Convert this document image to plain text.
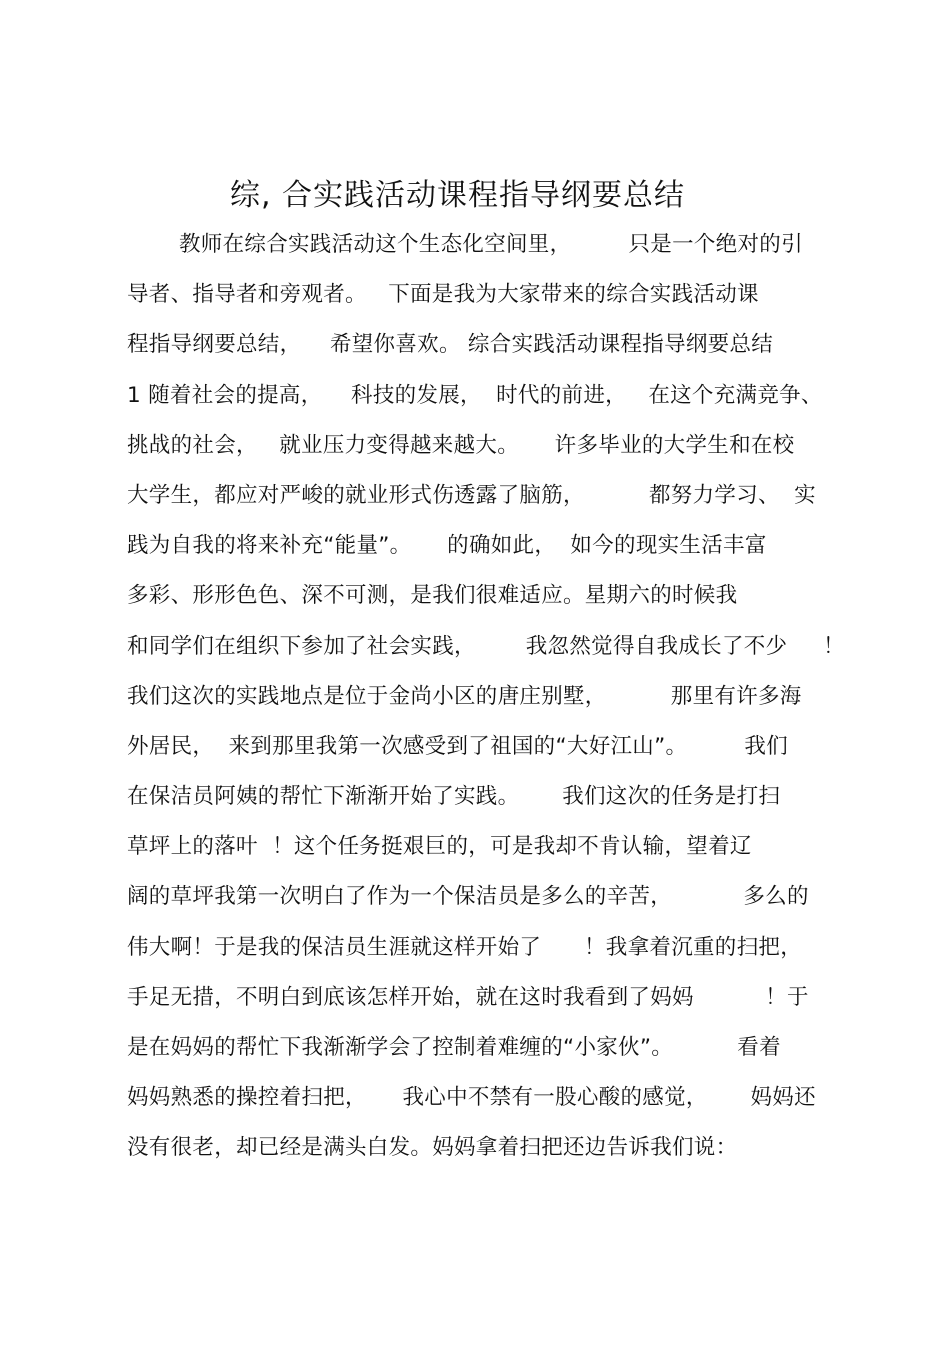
综, 合实践活动课程指导纲要总结
教师在综合实践活动这个生态化空间里，        只是一个绝对的引
导者、指导者和旁观者。   下面是我为大家带来的综合实践活动课
程指导纲要总结，    希望你喜欢。 综合实践活动课程指导纲要总结
1 随着社会的提高，    科技的发展，  时代的前进，   在这个充满竞争、
挑战的社会，   就业压力变得越来越大。     许多毕业的大学生和在校
大学生，都应对严峻的就业形式伤透露了脑筋，         都努力学习、  实
践为自我的将来补充“能量”。     的确如此，  如今的现实生活丰富
多彩、形形色色、深不可测，是我们很难适应。星期六的时候我
和同学们在组织下参加了社会实践，       我忽然觉得自我成长了不少     ！
我们这次的实践地点是位于金尚小区的唐庄别墅，         那里有许多海
外居民，  来到那里我第一次感受到了祖国的“大好江山”。        我们
在保洁员阿姨的帮忙下渐渐开始了实践。      我们这次的任务是打扫
草坪上的落叶  ！这个任务挺艰巨的，可是我却不肯认输，望着辽
阔的草坪我第一次明白了作为一个保洁员是多么的辛苦，          多么的
伟大啊！于是我的保洁员生涯就这样开始了      ！我拿着沉重的扫把，
手足无措，不明白到底该怎样开始，就在这时我看到了妈妈          ！于
是在妈妈的帮忙下我渐渐学会了控制着难缠的“小家伙”。         看着
妈妈熟悉的操控着扫把，     我心中不禁有一股心酸的感觉，      妈妈还
没有很老，却已经是满头白发。妈妈拿着扫把还边告诉我们说：
